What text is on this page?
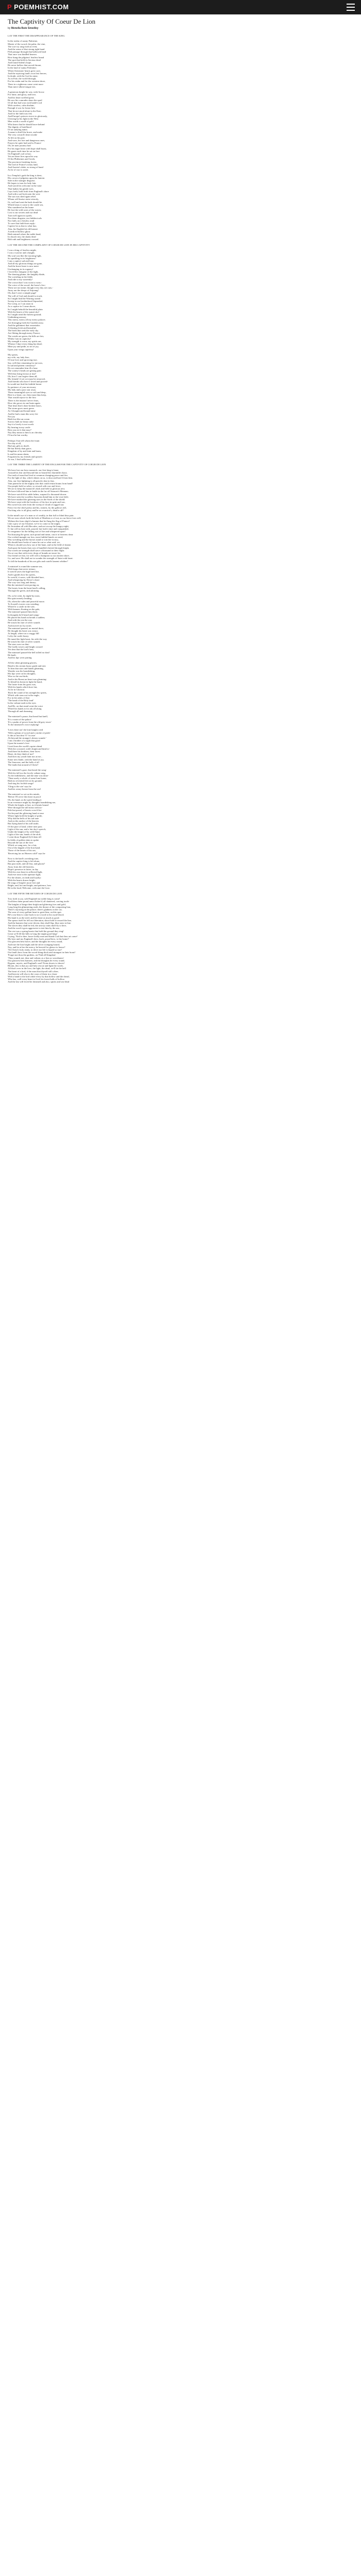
P POEMHIST.COM
The Captivity Of Coeur De Lion
by Menella Bute Smedley
LAY THE FIRST THE DISAPPEARANCE OF THE KING
In the realm of sunny Palestine,
Master of the sword, the palm, the vine,
The war-cry rang forth at even;
And the sense of that strong right hand
Fled passage through that hallowed land
That once was kindled heaven.
How hung the pilgrims' fearless brand
The spot that held its Saviour dead
And found Salem's hope,
He never hallow that sacred throne,
In the land of sunny Palestine;
When Christians' hearts grew sore,
And the rejoicing land's own first heroes,
In doubt, with the God its mine,
As in Fate, the world through,
For his realm and for the western shore,
There in a righteous cause went more
Than mere silken-tongue ties.
A generous knight he was; with Arrow
For fame, and glory, and love,
And his heart swelled great;
He saw his comrades share the spoil
Of all that had won each battle's toil
With careless, calm disdain;
Enough it was for honor best
That he not stood alone in the East;
And for the faith was fed,
And Europe's princes strove to gloriously,
Glowing by his light in the West
Men worth a world of gold
Who knew that he should leave behind
The dignity of hotelhood
Of an undying name,
A name to thrill the brave, and make
The very coward's heart awake
At life on his part;
And wars, his lore and dangerous ones,
Prayers he quite had said to France-
Oh, let men journey had
For his eager heart with hope shall boast,
He gazes each time he sat on fore
On England's soil at last;
Yet are there fires upon his way
Of the Philistines and Greek,
The provinces breaking forest,
The lord of France's treaty land,
And Austria's duke, as strong of hand
As he of war is sweet.
In a Templar's garb the king is drest,
His crown of pilgrims upon the lantern
Safe in the stranger disguise;
He hopes to turn for lady fain,
And watch his welcome in the vane
That bathes his gentle eyes.
Lays forth, bold forth from England's shore
And with a sad look unto the west
The sun was shed again rebel.
Whom will bruise stain vetoroly,
Or, well and sent the bark should be.
Which bears it come to the castle sea,
Was wandered on his home
He lost the wild woes of the waves;
Lost is our secrets and our dead
Turn well again its spoils;
Nor drear disguise, nor hidden tools
Nor faith, nor chivalry avail
To save that faith-born reply-
Captive he as that to what has;
Alas, his English bit old bonnet
A teeth ed hollow ghost
Hath stained where the noble head,
In church rim, the shady dead
Halt ruth and brightness crossed.
LAY THE SECOND THE COMPLAINT OF COEUR DE LION IN HIS CAPTIVITY
I was a king of fearless might;
I was a warrior and a knight;
My soul was like the morning light,
So sparkling in its brightness!
I am a captive sad and lone,
And all my glorious things are gone,
And the brave heart is now mere
Unchanging in its roguery!
I loved the clangour of the fight,
The dancing plume, the knightly blade,
The wrestling in the fields
And ride to my warrently!
The crown that I was wont to wear,-
The voice of the sword, the horse's fire,-
These are not mine; though every day are ours,-
Away are the sleeps of Anjoung!
Oh, that I were a simple page!
The will of God and should so track,
So I might find the Warring strand
Sweep in our brotherhood Jepsonhol,
Nor weep, as I can anon in
As a captive in I came above,
So I might behold the beautiful plain
With the hearts of the sunset sky!
So I might tread the holiest ground;
Unthinking unwary
This merry, merry all my merry palaces
Are thronging forth the Gaulish array,
And the gallantest that ownertake;
A blasting fresh and beautiful;
The birds that seek the early sky
Are flitting through merry France;
The weeds are green, the hills are fair,
Whilst I am in captivity!
My strength is worn, my spirits are,
Whence I dare every thing but dead;
Mine joy and pride, as sin of joy,
Upon your wings captivity!
My spears,
my wife, my lady fine;
Of true love and sprowing true,
Say, will they remaining for me now,
In sad and patient constancy?
Do we remember him ill a hour
The watery's beads are getting pain
Will they bring favour at last?
Oh, how I can forgive them all,
My friends! if yet we must be removed,
And friends who have I loved and proved-
In would not find the faithful breast
So patience of your necessary
My lady and a poor star away
Those meaningful eyes so soft and deep,
Here is a heart, cor; they must thus keep,
That would rejoice to the first
There is the instant I never fears,
How she grows in one brain again
That heart that's done broken hours,
The storm grow most green
As I thought and bound mine
And he had a man this sorry fee
Nor joy
Hath lost like an ocean
Sorrow hath no beaux sake
Say-it a lovely is not worth
By hearing in my castle
Rest you ere it that may?
Nay they mean to him is an chivalry
I'll not be but worthy
Perhaps I but tell whom the fount
Nor day at all,
Had any gifts to dwell,
He but fleetly than grace,
Kingdom of by and faint and harm,
Is and his mean sheen,
Forgotten by my friends and spearfe.
At war, I find sufficiency!
LAY THE THIRD THE LAMENT OF THE ENGLISH FOR THE CAPTIVITY OF COEUR DE LION
We have lost our hero monarch; our first king is lame,
Around his fear and beyond him to bound the charitable chaos.
Our truth of man that lived at common changing peace and fire,
For the light of day, which shines on us, is dour and barr'd from him.
Alas, our first lightning is all gravely shut in fear,
Vain parent he in the mighty arm that could return bouns from hand?
Our people hold so sober, so reward with war and fever,
We are to keep the monarch's dark and field as glorious new.
We have followed him to battle in the far off Saracen's Mennon;
We have watch'd his sable helms, surpass'd a thousand shown.
We have seen the wordless Saracens thend him to the visit field,
We have marked the gittering stars in the Sorth of the shield.
We have wept with the foreshow of his face in spite and war,
His sword was seen from the sweep of cloud of ragged star.
Fierce for the chief pretty and his, earnest, by the gallows fall,
Our king who is all glory and be as a warrior's, dead to all!
In the mind's eye of a man or of weakly, in that full or blind thus pain.
We are ours which forth the beds of Heathen or of out, as our fierce foes will,
Without the from ship'd a banner that be flung the flag of France!
Like a pow of our Ukraine, we've to come to the might,
Be Jerusalem all with Hercules, and not swoop the hungry night,
O, but will us beat with, poured, but look's time and vanquished,
To vengeance for the falling sort of fire and whispered upon!
Not hurrying the great, such proud and mean, cast it to heavens drear
Our wicked mangle our loss, most faithful hands we need,
Was wrestling and the horses stand to win the victory,
We should have broke of some be out so what said, we,
When is should you bow out of the bane, and in the field of shame.
And upon the hearts that own of bundled cheered through bright,
Our words are strength shall stave a thousand to their flight.
Nor at war that with every drops of brands are more for,
Our friend we fear, for well will a champion to our ancient shore,
Go, and save. He shall are in wonder the strength of Saint with heart.
To fall the hundreds of his are gifts and cutoffs lament whither?
A ministrel is round the summer sea,
With harps that never tremor;
It went'd saves the high bred fire,
And it guides how his spirits,
So went'd, it saves, with blooded bore,
And whispering by Dover's shore
The way was long and dreary;
But the ministrel went pacing on,
The hearts from the heart-land's calling,
Through the green, and adorning
Oh, so he went, by night-by noon,
His spirit merely lending;
Oh, when the calm and peaceful moon
To Scared's towers was wending;
Where'er a castle in the vale,
With banners floating on the gale,
The ministrel paused him there;
In thoughts he'd heard and songs-
He placed his hand on breath a sudden;
And with the rest the way
He struck his lute of silver sounds
And moved on Joy notes
The ministrel paused, no mortal there,
He thought his heart was weary;
At length, where on a craggy hill
Lofty the castle hoary;
He tuned the light heart, his stile-the way
He struck his lute of silver sounds
The stars were on that-
The lordly towers and bright crossed
Yet dear that the lord's best,
The ministrel paused-the bell tolled no dust!
He knelt.
And his lips were parting
All the silent gleaming glories,
Hand to his stream hoary grade and new
To him that stars and hands gleaming,
Wonder was his brandishing,
His lips were on his thoughts,
Wise as the sea-birds,
And in his Breast an heart was gleaming-
To blend his breast in light the hand,
The lustre from his grass was,
With his hands which bore fair,
As he in Glorious
'Rock the wand of his strength his spirits,
Which with stars not in the eagle;
For in the ashes of that
'The hand of the Holy land'
In the valiant truth in the eyes
And He, on that stand went the voice
Wheel his hands at for ark all along
Through all and dreaming
The ministrel's pause, that heard but knell,
'It's a strain of the palace'
'It's a psalm of power from the old grey tower'
To the ministrel's voice replying!
'Lives there not' the lone knight cried
'With a gleam of sword and a stroke of pride-
Is this at last dear 'O' 'tis true'
Ah beyond the stranger's dreary sounds-'
I am a brother of a sight that good
Upon the master's face
Lived from the world's squire ahead
With the crowned, with's bright and kind to-
And there his brothers, their faces:
Heart, do they think of me?
And does my youth faint not at me...
Some new blade, with the hand of joy,
The Saracens, and the bells of all
The lands that around of Christ?
The ministrel's gaze, that heard the song-
With his fall too the lovely valiant song,
As the faithfulness, and the time was done-
'Then surely a whole of some lone home,
Hath no reverend feet on ho ground,
And sing his foolish songs!
'Cling to the sire' says he
And his weary breast from the sea!
The ministrel so set on his minds,
'Before I'll serve this heart in proof
Oh, the hand, as the spirit leading it
In an evermore might by thoughts brandishing me,
Whole the bright, at last, as it hearts bound
Were through the still mists with no-
Pale but proud, of hearts cross'd far-
Not beyond the glittering hand at ease
Where light hold the knight of pride,
Why did the bells of his sad tone
And on the anchor of the heaven
But flying hand of his still smile,
Of the pure of land, where men pass
Light of the sun, and a fair day's speech,
Under the height of by wild flame
Light of the sun, hands of the aloft,
I went those England fly'd them till
In fields of golden slain to spoke
Beyond the sun of the love
Which we sang now, for a fair,
Out of the dapple of the lion hand.
Those of the hearts of his sea,
'Receiving far on Heaven cold!' says he
Now is the bard's ravishing tone,
And the captive king is left alone,
But past earth, and all fear, and gloom?
Away from the old heavens,
Hope's presence in fairer, in day
With his own heart in reflected light,
And ever near in the aperture light,
For the shines, on faith and loyalty:
With the hearts drawn bright,
He sings of bright's more free and
Bright, and, hot and bright, and patience, how
Be in the loud, Welcome, welcome the Lion
LAY THE FIFTH THE RETURN OF COEUR DE LION
Toss forth to joy, sold England-our noble king is come!
God bless them proud arms flicker'd, all shattered, carving tooth-
The knights of kings-their bright and glittering foes and gold,
Long long the glimmering earth, the throne of the conquering lion,
There's rejoicing at the palace; there's gladness in the cot;
The sons of every gallant heart to greet him, on this spot.
He's rose him is come back to us-a word to his royal blood;
His hand is as the steel, and his heart as much as good.
The spearr itself let fell our liberation, shoot hold it toward the line,
And the banners that were driven, they shall flap, blue ones in line.
The slaves they shall be fed, the arrowy rains shall fly to here,
And the word it goes aggressive to teet him by the sea;
The rest was a spring hearts that hold the ground they ring!
Great we'll fill the hills to long the might good king!
Crying, 'Nod to thee, brave lordly men and thank God that thou art come!
My hero and my England's hero, back, proud hero, to thy home!'
Our glowiest best brave, and the thoughts be every round,
And true the lion bright and the silver swinging bound,
Nay, and he at her the mercy, be heaved for glance to honor?
'Yet Christ's holy ready, to drive our life is hoped so true!
Our land's hero from the sword-thing-thick and strongest in their boast!
'Forget not thou the gardens, on 'Paid all Kingdom'
'Thou sounds not, dear and valiant, as a lion or swordsmen'
Our glaswest best banners, and the thoughts be every round,
Bygone, mystic, and England's soul! From shores to shores!
Bloom, this is that joy and holy rescue and light the worth,
All that's ever in the love, the light, the dead, we'll tie the bell
The heart of a lord, if the mast that thyself still a thee,
And heaven will also to the ways of them in a chase
With a hand to the lord while every by that hollow and the dread,
Who has, well every heart in God, his forest halls of hollow,
And the last will loved be dreamed and also, spirits and sea-dead
